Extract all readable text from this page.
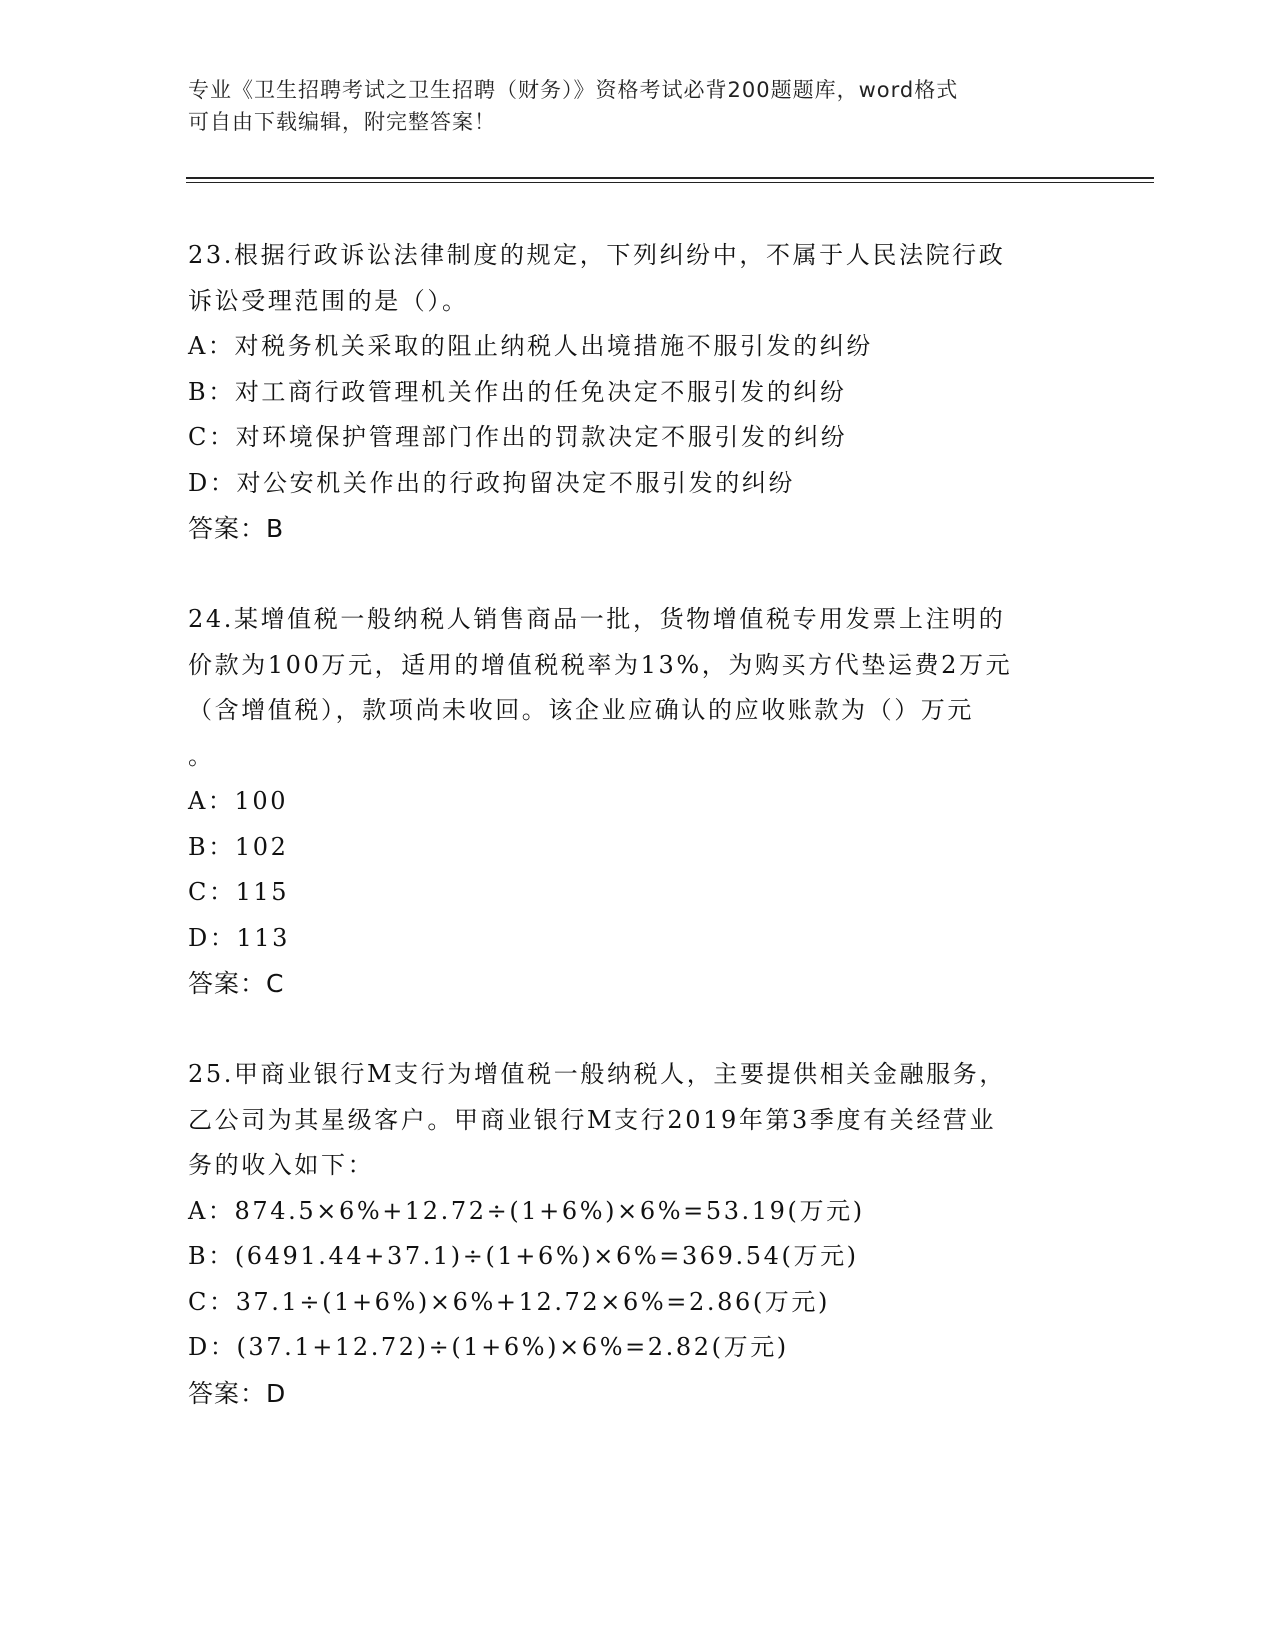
专业《卫生招聘考试之卫生招聘（财务）》资格考试必背200题题库，word格式
可自由下载编辑，附完整答案！
23.根据行政诉讼法律制度的规定，下列纠纷中，不属于人民法院行政
诉讼受理范围的是（）。
A：对税务机关采取的阻止纳税人出境措施不服引发的纠纷
B：对工商行政管理机关作出的任免决定不服引发的纠纷
C：对环境保护管理部门作出的罚款决定不服引发的纠纷
D：对公安机关作出的行政拘留决定不服引发的纠纷
答案：B
24.某增值税一般纳税人销售商品一批，货物增值税专用发票上注明的
价款为100万元，适用的增值税税率为13%，为购买方代垫运费2万元
（含增值税），款项尚未收回。该企业应确认的应收账款为（）万元
。
A：100
B：102
C：115
D：113
答案：C
25.甲商业银行M支行为增值税一般纳税人，主要提供相关金融服务，
乙公司为其星级客户。甲商业银行M支行2019年第3季度有关经营业
务的收入如下：
A：874.5×6%+12.72÷(1+6%)×6%=53.19(万元)
B：(6491.44+37.1)÷(1+6%)×6%=369.54(万元)
C：37.1÷(1+6%)×6%+12.72×6%=2.86(万元)
D：(37.1+12.72)÷(1+6%)×6%=2.82(万元)
答案：D
